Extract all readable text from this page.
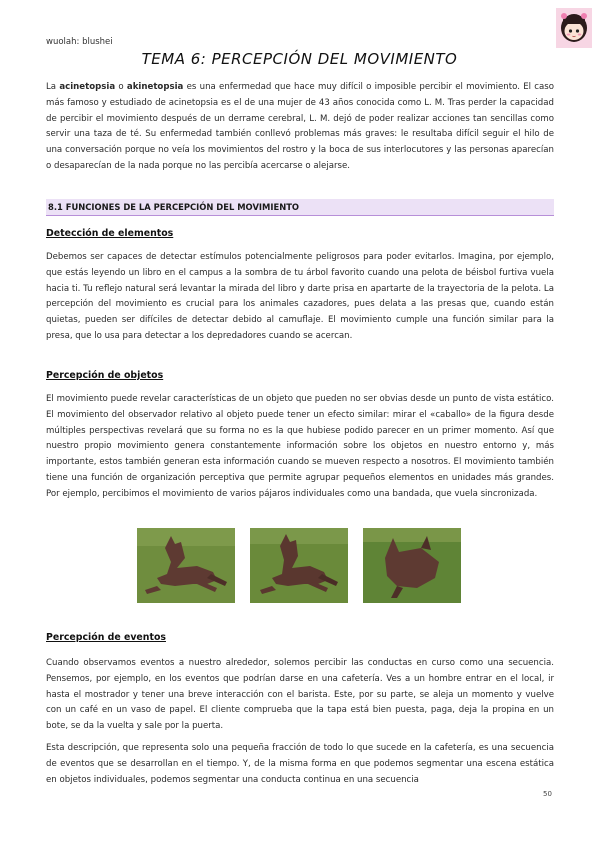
wuolah: blushei
TEMA 6: PERCEPCIÓN DEL MOVIMIENTO
La acinetopsia o akinetopsia es una enfermedad que hace muy difícil o imposible percibir el movimiento. El caso más famoso y estudiado de acinetopsia es el de una mujer de 43 años conocida como L. M. Tras perder la capacidad de percibir el movimiento después de un derrame cerebral, L. M. dejó de poder realizar acciones tan sencillas como servir una taza de té. Su enfermedad también conllevó problemas más graves: le resultaba difícil seguir el hilo de una conversación porque no veía los movimientos del rostro y la boca de sus interlocutores y las personas aparecían o desaparecían de la nada porque no las percibía acercarse o alejarse.
8.1 FUNCIONES DE LA PERCEPCIÓN DEL MOVIMIENTO
Detección de elementos
Debemos ser capaces de detectar estímulos potencialmente peligrosos para poder evitarlos. Imagina, por ejemplo, que estás leyendo un libro en el campus a la sombra de tu árbol favorito cuando una pelota de béisbol furtiva vuela hacia ti. Tu reflejo natural será levantar la mirada del libro y darte prisa en apartarte de la trayectoria de la pelota. La percepción del movimiento es crucial para los animales cazadores, pues delata a las presas que, cuando están quietas, pueden ser difíciles de detectar debido al camuflaje. El movimiento cumple una función similar para la presa, que lo usa para detectar a los depredadores cuando se acercan.
Percepción de objetos
El movimiento puede revelar características de un objeto que pueden no ser obvias desde un punto de vista estático. El movimiento del observador relativo al objeto puede tener un efecto similar: mirar el «caballo» de la figura desde múltiples perspectivas revelará que su forma no es la que hubiese podido parecer en un primer momento. Así que nuestro propio movimiento genera constantemente información sobre los objetos en nuestro entorno y, más importante, estos también generan esta información cuando se mueven respecto a nosotros. El movimiento también tiene una función de organización perceptiva que permite agrupar pequeños elementos en unidades más grandes. Por ejemplo, percibimos el movimiento de varios pájaros individuales como una bandada, que vuela sincronizada.
Percepción de eventos
Cuando observamos eventos a nuestro alrededor, solemos percibir las conductas en curso como una secuencia. Pensemos, por ejemplo, en los eventos que podrían darse en una cafetería. Ves a un hombre entrar en el local, ir hasta el mostrador y tener una breve interacción con el barista. Este, por su parte, se aleja un momento y vuelve con un café en un vaso de papel. El cliente comprueba que la tapa está bien puesta, paga, deja la propina en un bote, se da la vuelta y sale por la puerta.
Esta descripción, que representa solo una pequeña fracción de todo lo que sucede en la cafetería, es una secuencia de eventos que se desarrollan en el tiempo. Y, de la misma forma en que podemos segmentar una escena estática en objetos individuales, podemos segmentar una conducta continua en una secuencia
50
